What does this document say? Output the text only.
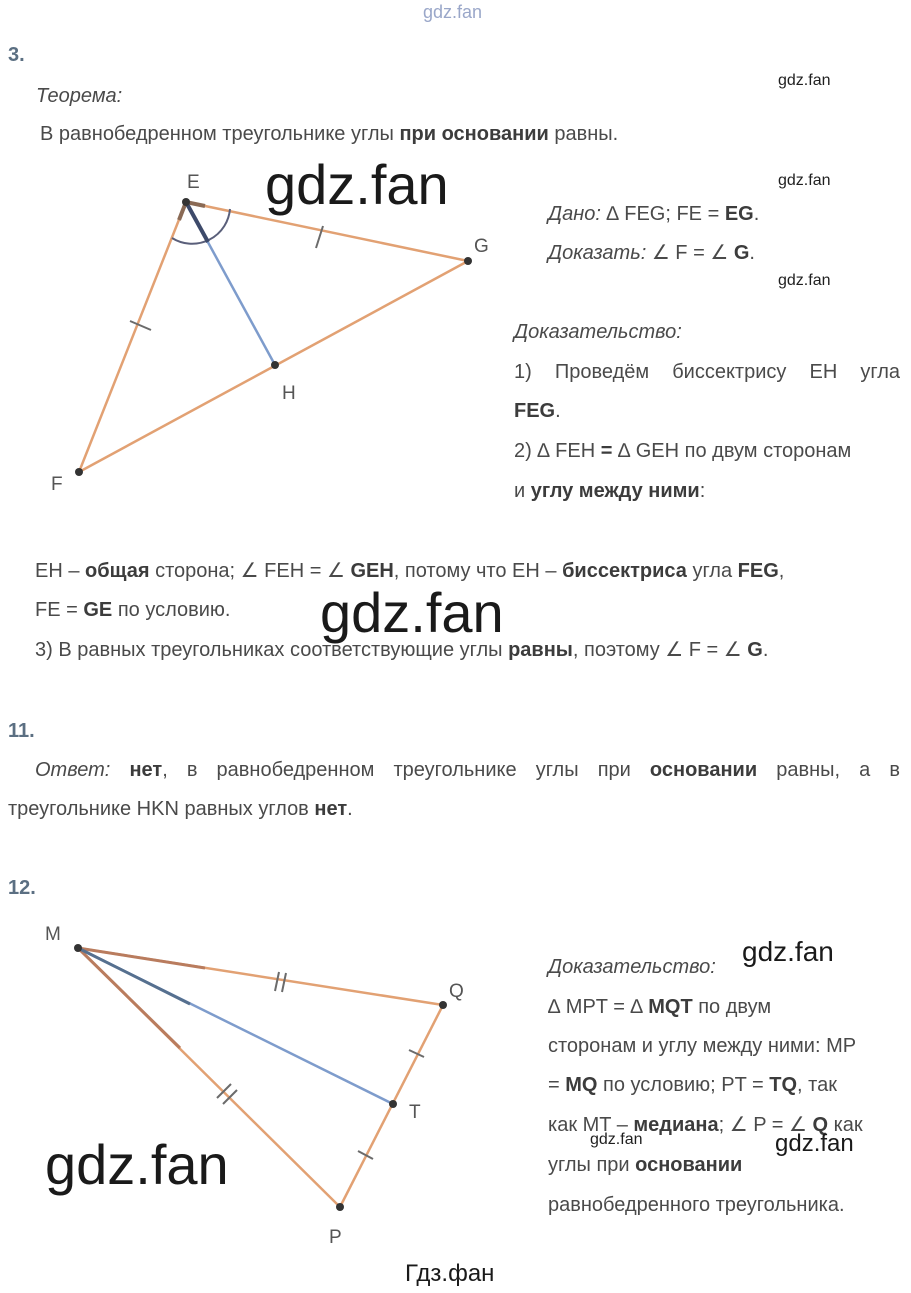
gdz.fan
3.
Теорема:
В равнобедренном треугольнике углы при основании равны.
gdz.fan
gdz.fan
gdz.fan
gdz.fan
E
G
H
F
Дано: ∆ FEG; FE = EG.
Доказать: ∠ F = ∠ G.
Доказательство:
1) Проведём биссектрису EH угла
FEG.
2) ∆ FEH = ∆ GEH по двум сторонам
и углу между ними:
EH – общая сторона; ∠ FEH = ∠ GEH, потому что EH – биссектриса угла FEG,
FE = GE по условию.
3) В равных треугольниках соответствующие углы равны, поэтому ∠ F = ∠ G.
gdz.fan
11.
Ответ: нет, в равнобедренном треугольнике углы при основании равны, а в
треугольнике HKN равных углов нет.
12.
M
Q
T
P
Доказательство: gdz.fan
∆ MPT = ∆ MQT по двум
сторонам и углу между ними: MP
= MQ по условию; PT = TQ, так
как MT – медиана; ∠ P = ∠ Q как
углы при основании
равнобедренного треугольника.
gdz.fan	gdz.fan
gdz.fan
Гдз.фан
